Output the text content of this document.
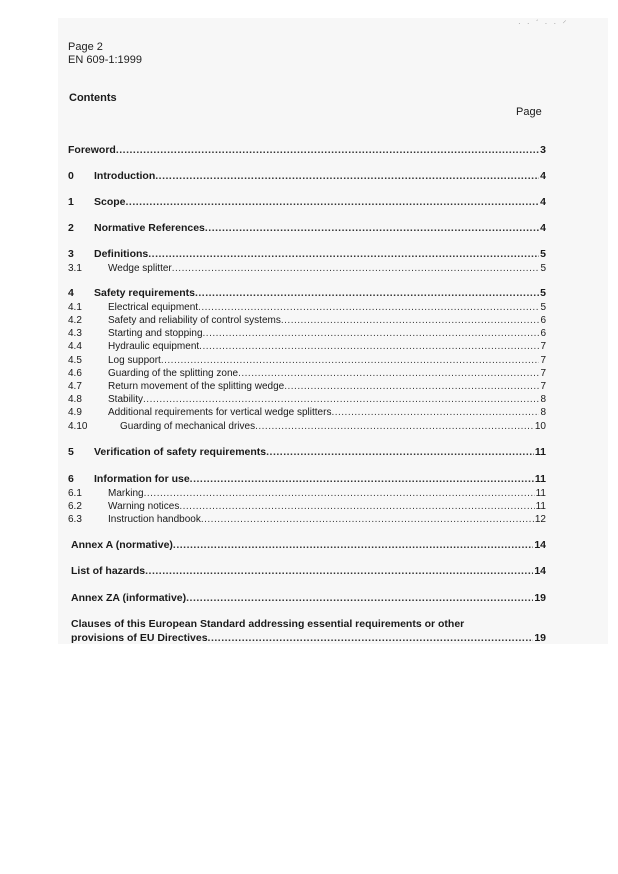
· · ˊ · · ⸍
Page 2
EN 609-1:1999
Contents
Page
Foreword .....	3
0	Introduction .....	4
1	Scope .....	4
2	Normative References .....	4
3	Definitions .....	5
3.1	Wedge splitter .....	5
4	Safety requirements .....	5
4.1	Electrical equipment .....	5
4.2	Safety and reliability of control systems .....	6
4.3	Starting and stopping .....	6
4.4	Hydraulic equipment .....	7
4.5	Log support .....	7
4.6	Guarding of the splitting zone .....	7
4.7	Return movement of the splitting wedge .....	7
4.8	Stability .....	8
4.9	Additional requirements for vertical wedge splitters .....	8
4.10	Guarding of mechanical drives .....	10
5	Verification of safety requirements .....	11
6	Information for use .....	11
6.1	Marking .....	11
6.2	Warning notices .....	11
6.3	Instruction handbook .....	12
Annex A (normative) .....	14
List of hazards .....	14
Annex ZA (informative) .....	19
Clauses of this European Standard addressing essential requirements or other
provisions of EU Directives .....	19
